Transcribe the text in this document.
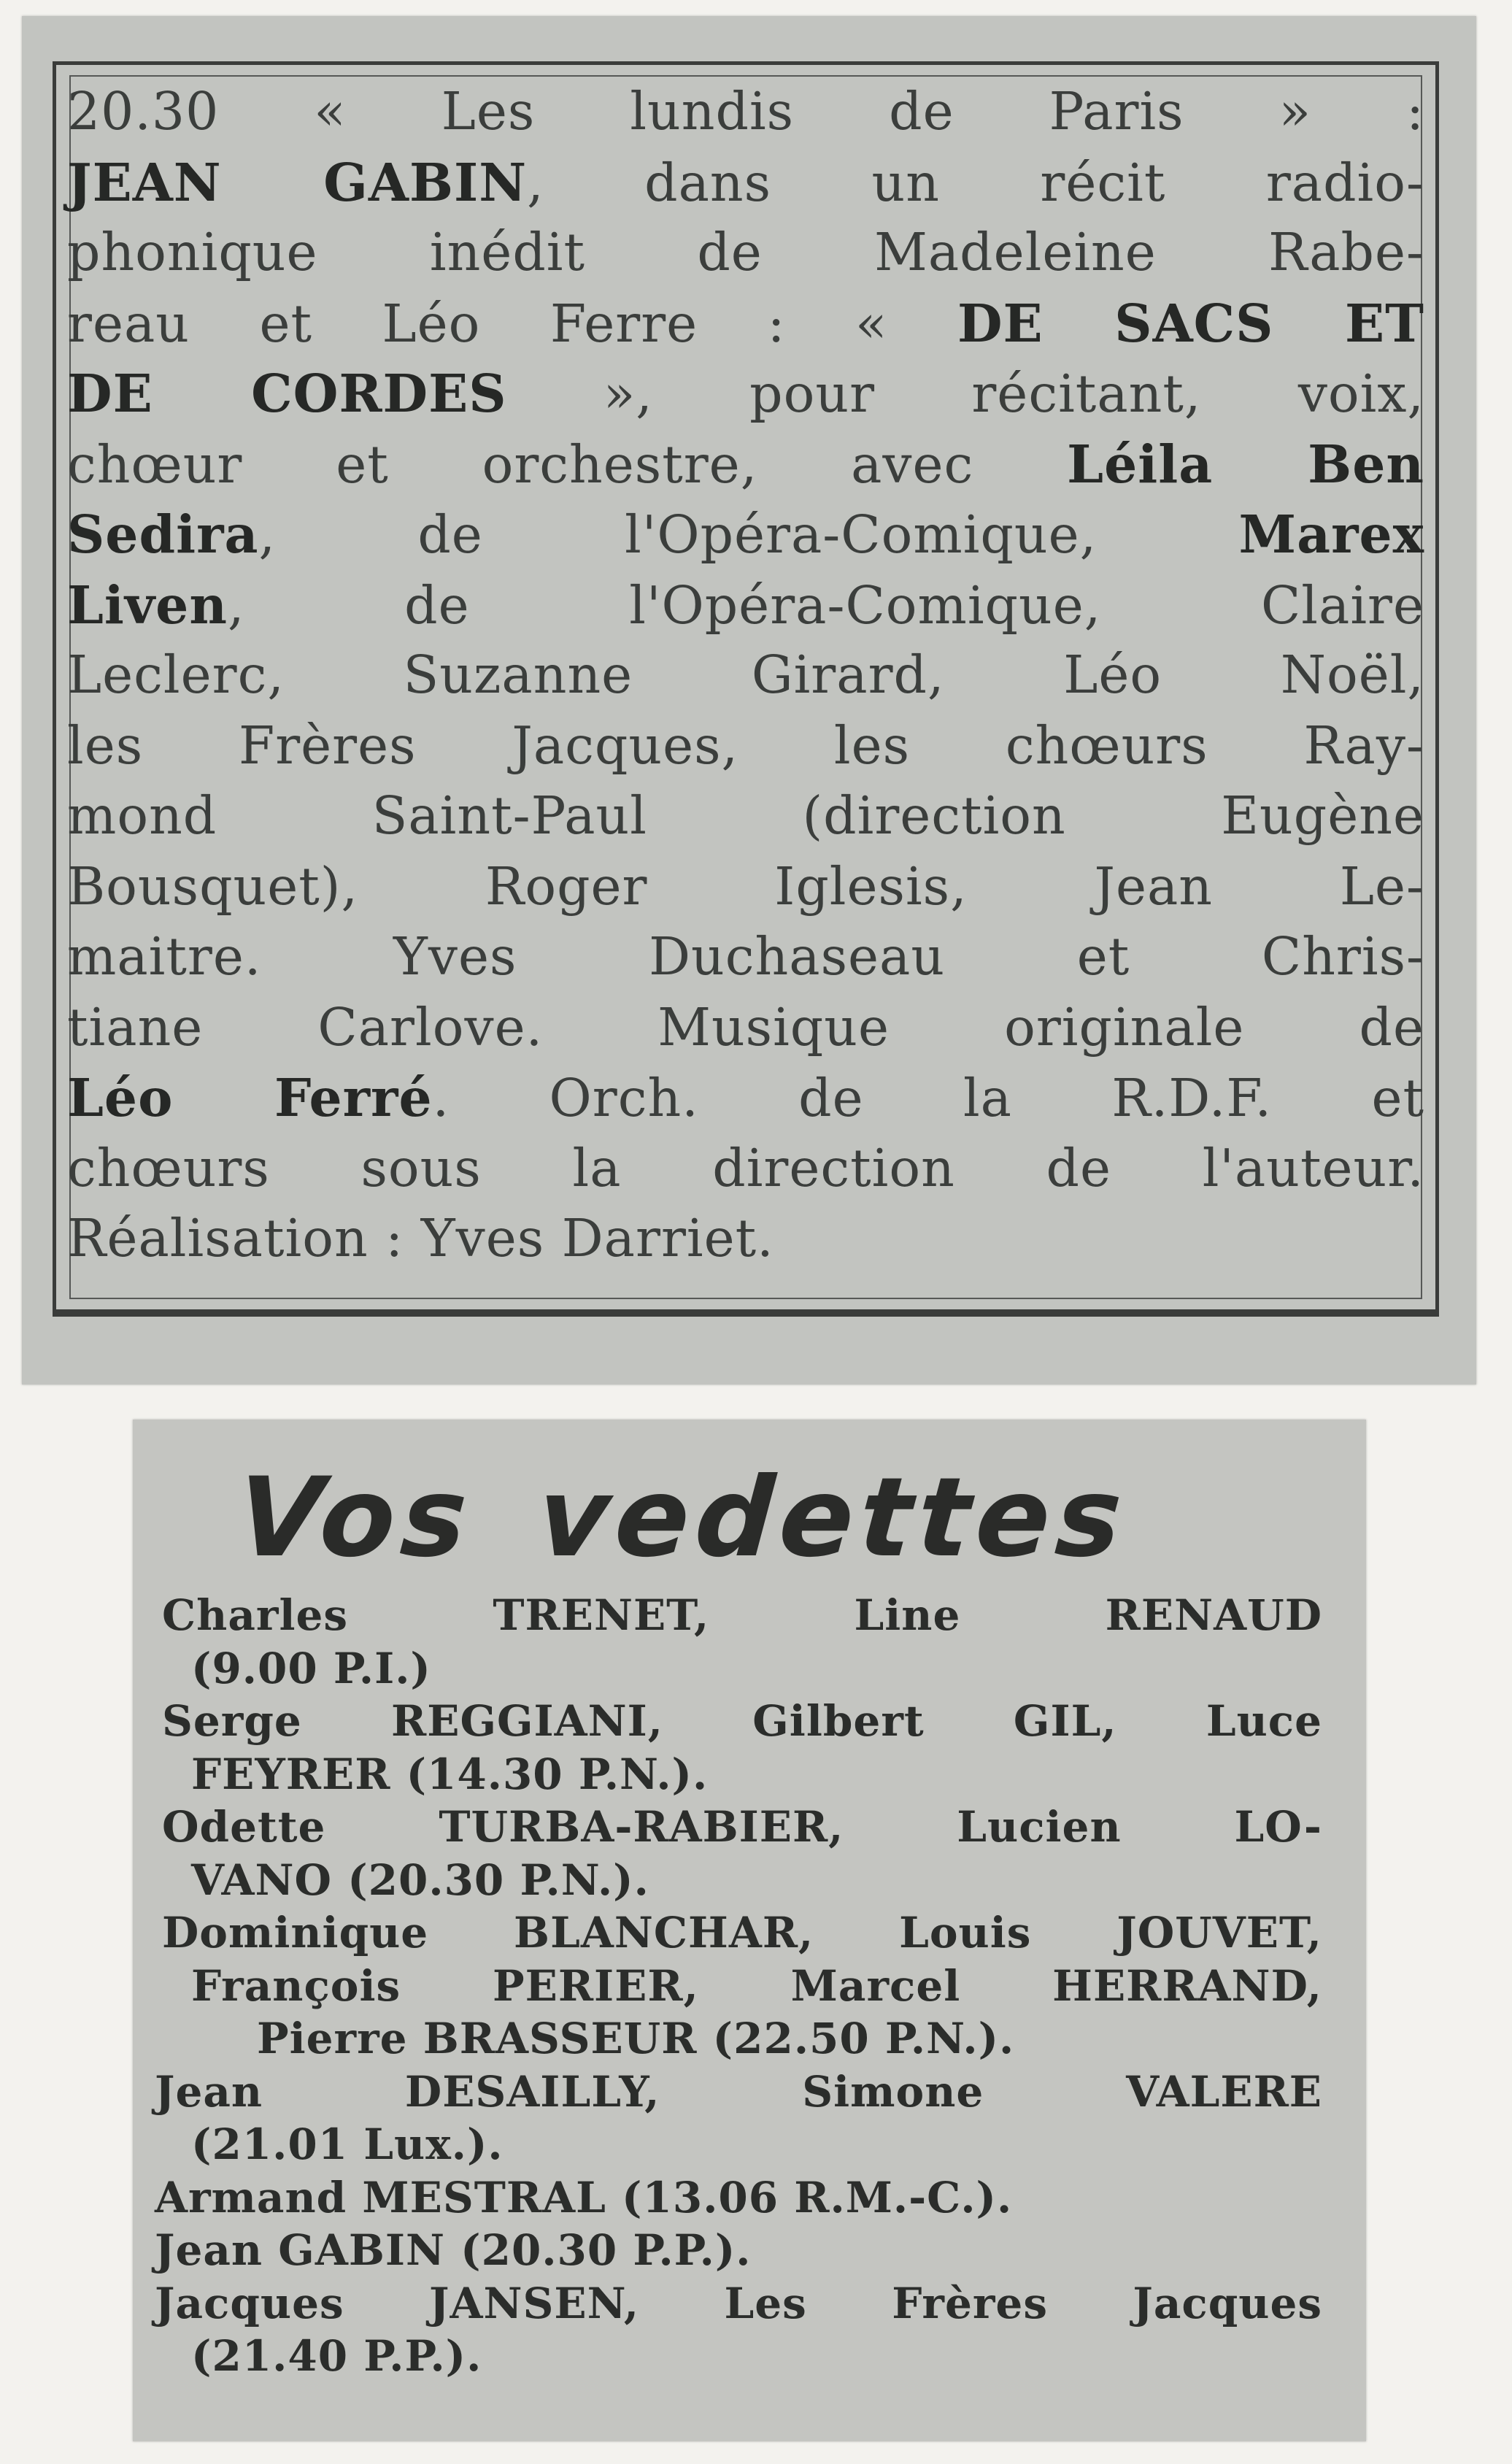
20.30 « Les lundis de Paris » :
JEAN GABIN, dans un récit radio-
phonique inédit de Madeleine Rabe-
reau et Léo Ferre : « DE SACS ET
DE CORDES », pour récitant, voix,
chœur et orchestre, avec Léila Ben
Sedira, de l'Opéra-Comique, Marex
Liven, de l'Opéra-Comique, Claire
Leclerc, Suzanne Girard, Léo Noël,
les Frères Jacques, les chœurs Ray-
mond Saint-Paul (direction Eugène
Bousquet), Roger Iglesis, Jean Le-
maitre. Yves Duchaseau et Chris-
tiane Carlove. Musique originale de
Léo Ferré. Orch. de la R.D.F. et
chœurs sous la direction de l'auteur.
Réalisation : Yves Darriet.
Vos vedettes
Charles TRENET, Line RENAUD
(9.00 P.I.)
Serge REGGIANI, Gilbert GIL, Luce
FEYRER (14.30 P.N.).
Odette TURBA-RABIER, Lucien LO-
VANO (20.30 P.N.).
Dominique BLANCHAR, Louis JOUVET,
François PERIER, Marcel HERRAND,
Pierre BRASSEUR (22.50 P.N.).
Jean DESAILLY, Simone VALERE
(21.01 Lux.).
Armand MESTRAL (13.06 R.M.-C.).
Jean GABIN (20.30 P.P.).
Jacques JANSEN, Les Frères Jacques
(21.40 P.P.).
